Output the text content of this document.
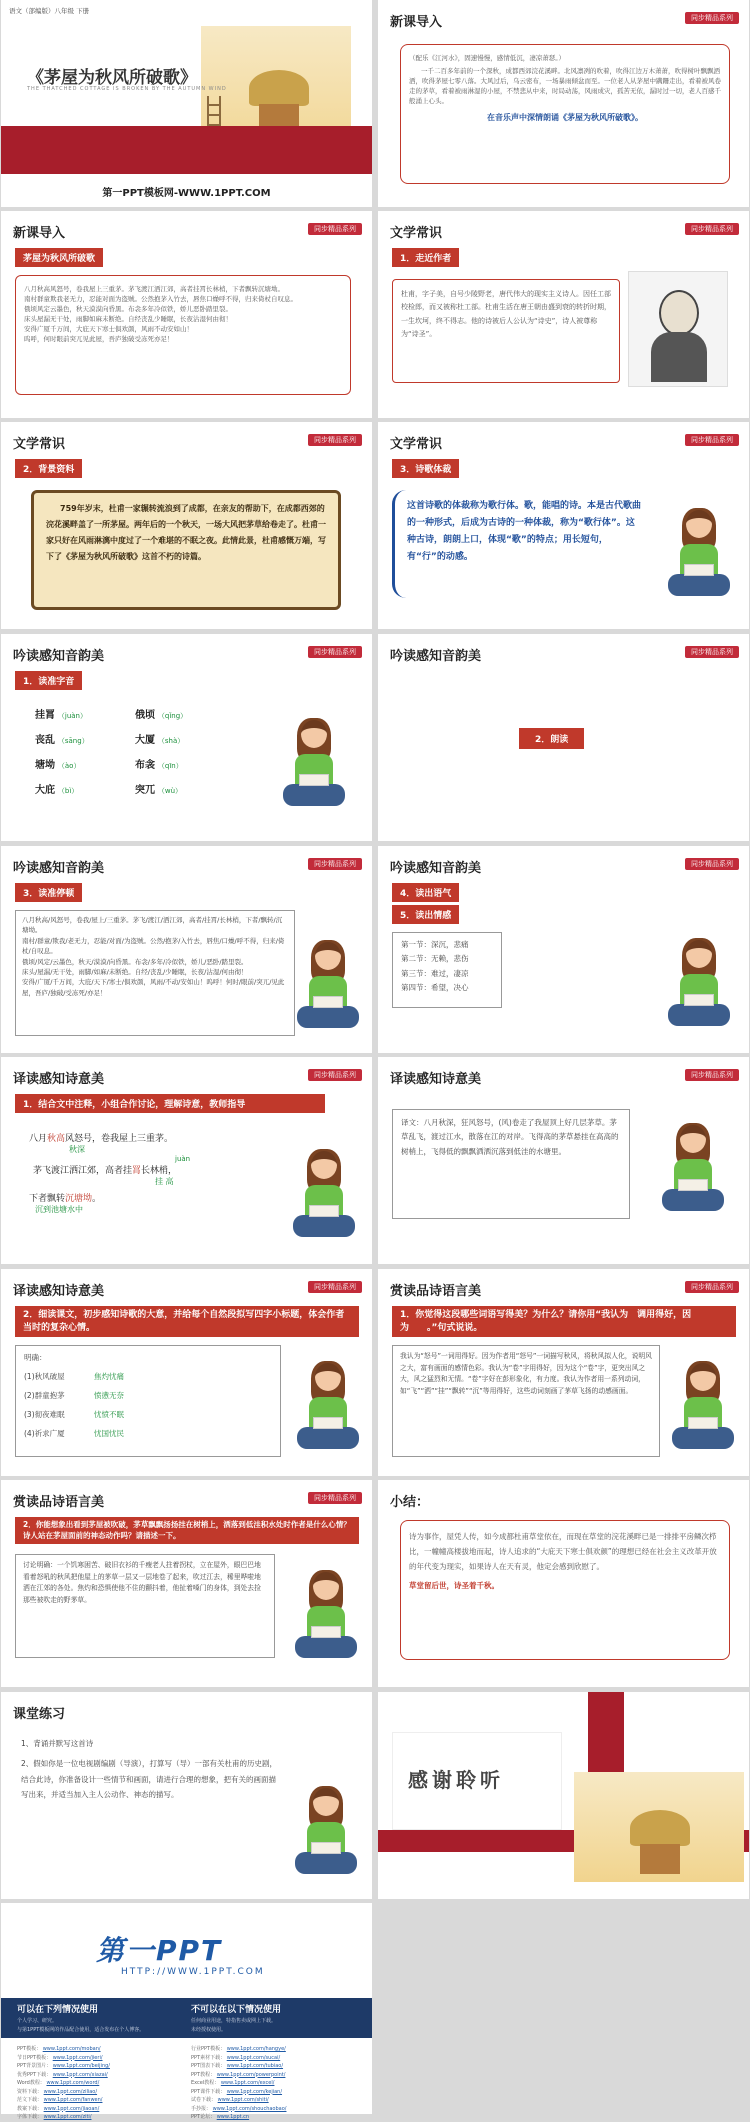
语文（部编版）八年级 下册
《茅屋为秋风所破歌》
THE THATCHED COTTAGE IS BROKEN BY THE AUTUMN WIND
第一PPT模板网-WWW.1PPT.COM
新课导入	同步精品系列
（配乐《江河水》，固速慢慢，感情低沉，凄凉萧瑟。）
一千二百多年前的一个深秋，成都西郊浣花溪畔。北风凛冽的吹着，吹得江边万木萧萧，吹得树叶飘飘洒洒，吹得茅屋七零八落。大风过后，乌云密布，一场暴雨倾盆而至。一位老人从茅屋中蹒跚走出，看着被风卷走的茅草，看着被雨淋湿的小屋，不禁悲从中来，时局动荡，风雨成灾，孤苦无依，漏时过一切，老人百感千般涌上心头。
在音乐声中深情朗诵《茅屋为秋风所破歌》。
新课导入	同步精品系列
茅屋为秋风所破歌
八月秋高风怒号，卷我屋上三重茅。茅飞渡江洒江郊，高者挂罥长林梢，下者飘转沉塘坳。
南村群童欺我老无力，忍能对面为盗贼。公然抱茅入竹去，唇焦口燥呼不得，归来倚杖自叹息。
俄顷风定云墨色，秋天漠漠向昏黑。布衾多年冷似铁，娇儿恶卧踏里裂。
床头屋漏无干处，雨脚如麻未断绝。自经丧乱少睡眠，长夜沾湿何由彻！
安得广厦千万间，大庇天下寒士俱欢颜，风雨不动安如山！
呜呼，何时眼前突兀见此屋，吾庐独破受冻死亦足！
文学常识	同步精品系列
1．走近作者
杜甫，字子美，自号少陵野老，唐代伟大的现实主义诗人。因任工部校检郎，而又被称杜工部。杜甫生活在唐王朝由盛到衰的转折时期，一生坎坷，终不得志。他的诗被后人公认为“诗史”，诗人被尊称为“诗圣”。
文学常识	同步精品系列
2．背景资料
759年岁末，杜甫一家辗转流浪到了成都，在亲友的帮助下，在成都西郊的浣花溪畔盖了一所茅屋。两年后的一个秋天，一场大风把茅草给卷走了。杜甫一家只好在风雨淋漓中度过了一个难堪的不眠之夜。此情此景，杜甫感慨万端，写下了《茅屋为秋风所破歌》这首不朽的诗篇。
文学常识	同步精品系列
3．诗歌体裁
这首诗歌的体裁称为歌行体。歌，能唱的诗。本是古代歌曲的一种形式，后成为古诗的一种体裁，称为“歌行体”。这种古诗，朗朗上口，体现“歌”的特点；用长短句，有“行”的动感。
吟读感知音韵美	同步精品系列
1．读准字音
挂罥 （juàn）	俄顷 （qǐng）
丧乱 （sāng）	大厦 （shà）
塘坳 （ào）	布衾 （qīn）
大庇 （bì）	突兀 （wù）
吟读感知音韵美	同步精品系列
2．朗读
吟读感知音韵美	同步精品系列
3．读准停顿
八月秋高/风怒号，卷我/屋上/三重茅。茅飞/渡江/洒江郊，高者/挂罥/长林梢，下者/飘转/沉塘坳。
南村/群童/欺我/老无力，忍能/对面/为盗贼。公然/抱茅/入竹去，唇焦/口燥/呼不得，归来/倚杖/自叹息。
俄顷/风定/云墨色，秋天/漠漠/向昏黑。布衾/多年/冷似铁，娇儿/恶卧/踏里裂。
床头/屋漏/无干处，雨脚/如麻/未断绝。自经/丧乱/少睡眠，长夜/沾湿/何由彻！
安得/广厦/千万间，大庇/天下/寒士/俱欢颜，风雨/不动/安如山！呜呼！何时/眼前/突兀/见此屋，吾庐/独破/受冻死/亦足！
吟读感知音韵美	同步精品系列
4．读出语气
5．读出情感
第一节：深沉，悲痛
第二节：无赖，悲伤
第三节：难过，凄凉
第四节：希望，决心
译读感知诗意美	同步精品系列
1．结合文中注释，小组合作讨论，理解诗意，教师指导
八月秋高风怒号，卷我屋上三重茅。
秋深
juàn
茅飞渡江洒江郊，高者挂罥长林梢，
挂 高
下者飘转沉塘坳。
沉到池塘水中
译读感知诗意美	同步精品系列
译文：八月秋深，狂风怒号，(风)卷走了我屋顶上好几层茅草。茅草乱飞，渡过江水，散落在江的对岸。飞得高的茅草悬挂在高高的树梢上，飞得低的飘飘洒洒沉落到低洼的水塘里。
译读感知诗意美	同步精品系列
2．细读课文，初步感知诗歌的大意，并给每个自然段拟写四字小标题，体会作者当时的复杂心情。
明确：
(1)秋风破屋	焦灼忧痛
(2)群童抱茅	愤懑无奈
(3)彻夜难眠	忧愤不眠
(4)祈求广厦	忧国忧民
赏读品诗语言美	同步精品系列
1．你觉得这段哪些词语写得美？为什么？请你用“我认为　调用得好，因为　　。”句式说说。
我认为“怒号”一词用得好。因为作者用“怒号”一词描写秋风，将秋风拟人化，说明风之大，富有画面的感情色彩。我认为“卷”字用得好，因为这个“卷”字，更突出风之大，风之猛烈和无情。“卷”字好在彭形象化，有力度。我认为作者用一系列动词，如“飞”“洒”“挂”“飘转”“沉”等用得好，这些动词刻画了茅草飞扬的动感画面。
赏读品诗语言美	同步精品系列
2．你能想象出看到茅屋被吹破，茅草飘飘扬扬挂在树梢上，洒落到低洼积水处时作者是什么心情？诗人站在茅屋面前的神态动作吗？请描述一下。
讨论明确：一个饥寒困苦、破旧衣衫的千瘦老人拄着拐杖，立在屋外，眼巴巴地看着怒吼的秋风把他屋上的茅草一层又一层地卷了起来，吹过江去，稀里哗啦地洒在江郊的各处。焦灼和恐惧使他不住的颤抖着，他扯着嗓门的身体，到处去捡那些被吹走的野茅草。
小结：
诗为事作，屋凭人传，如今成都杜甫草堂依在，而现在草堂的浣花溪畔已是一排排平房鳞次栉比，一幢幢高楼拔地而起，诗人追求的“大庇天下寒士俱欢颜”的理想已经在社会主义改革开放的年代变为现实，如果诗人在天有灵，他定会感到欣慰了。
草堂留后世，诗圣着千秋。
课堂练习
1、背诵并默写这首诗
2、假如你是一位电视剧编剧（导演），打算写（导）一部有关杜甫的历史剧，结合此诗，你准备设计一些情节和画面，请进行合理的想象，把有关的画面描写出来，并适当加入主人公动作、神态的描写。
感谢聆听
第一PPT
HTTP://WWW.1PPT.COM
可以在下列情况使用
个人学习、研究。
与第1PPT模板网的作品配合使用，适合发布在个人博客。
不可以在以下情况使用
任何商业用途，特指售卖或网上下载。
未经授权使用。
PPT模板： www.1ppt.com/moban/
节日PPT模板： www.1ppt.com/jieri/
PPT背景图片： www.1ppt.com/beijing/
优秀PPT下载： www.1ppt.com/xiazai/
Word教程： www.1ppt.com/word/
资料下载： www.1ppt.com/ziliao/
范文下载： www.1ppt.com/fanwen/
教案下载： www.1ppt.com/jiaoan/
字体下载： www.1ppt.com/ziti/
行业PPT模板： www.1ppt.com/hangye/
PPT素材下载： www.1ppt.com/sucai/
PPT图表下载： www.1ppt.com/tubiao/
PPT教程： www.1ppt.com/powerpoint/
Excel教程： www.1ppt.com/excel/
PPT课件下载： www.1ppt.com/kejian/
试卷下载： www.1ppt.com/shiti/
手抄报： www.1ppt.com/shouchaobao/
PPT论坛： www.1ppt.cn
